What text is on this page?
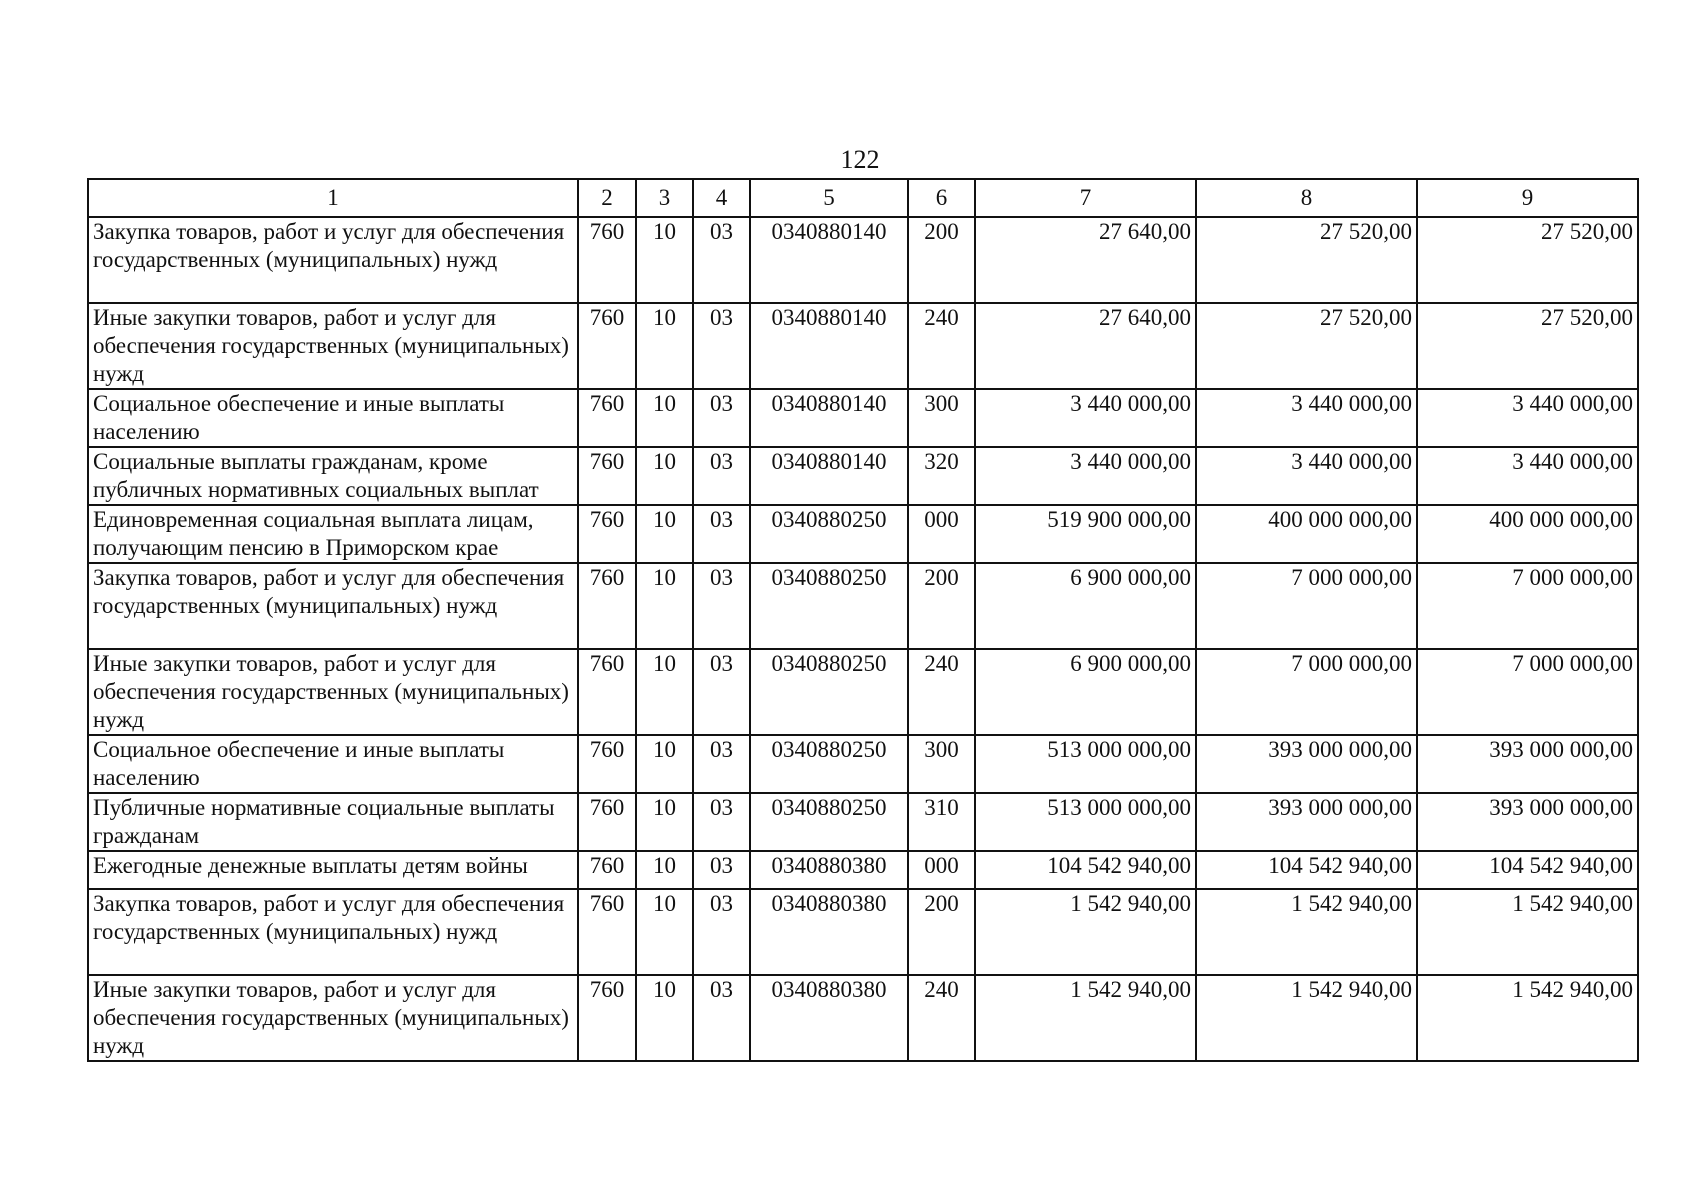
122
1	2	3	4	5	6	7	8	9
Закупка товаров, работ и услуг для обеспечения государственных (муниципальных) нужд	760	10	03	0340880140	200	27 640,00	27 520,00	27 520,00
Иные закупки товаров, работ и услуг для обеспечения государственных (муниципальных) нужд	760	10	03	0340880140	240	27 640,00	27 520,00	27 520,00
Социальное обеспечение и иные выплаты населению	760	10	03	0340880140	300	3 440 000,00	3 440 000,00	3 440 000,00
Социальные выплаты гражданам, кроме публичных нормативных социальных выплат	760	10	03	0340880140	320	3 440 000,00	3 440 000,00	3 440 000,00
Единовременная социальная выплата лицам, получающим пенсию в Приморском крае	760	10	03	0340880250	000	519 900 000,00	400 000 000,00	400 000 000,00
Закупка товаров, работ и услуг для обеспечения государственных (муниципальных) нужд	760	10	03	0340880250	200	6 900 000,00	7 000 000,00	7 000 000,00
Иные закупки товаров, работ и услуг для обеспечения государственных (муниципальных) нужд	760	10	03	0340880250	240	6 900 000,00	7 000 000,00	7 000 000,00
Социальное обеспечение и иные выплаты населению	760	10	03	0340880250	300	513 000 000,00	393 000 000,00	393 000 000,00
Публичные нормативные социальные выплаты гражданам	760	10	03	0340880250	310	513 000 000,00	393 000 000,00	393 000 000,00
Ежегодные денежные выплаты детям войны	760	10	03	0340880380	000	104 542 940,00	104 542 940,00	104 542 940,00
Закупка товаров, работ и услуг для обеспечения государственных (муниципальных) нужд	760	10	03	0340880380	200	1 542 940,00	1 542 940,00	1 542 940,00
Иные закупки товаров, работ и услуг для обеспечения государственных (муниципальных) нужд	760	10	03	0340880380	240	1 542 940,00	1 542 940,00	1 542 940,00
